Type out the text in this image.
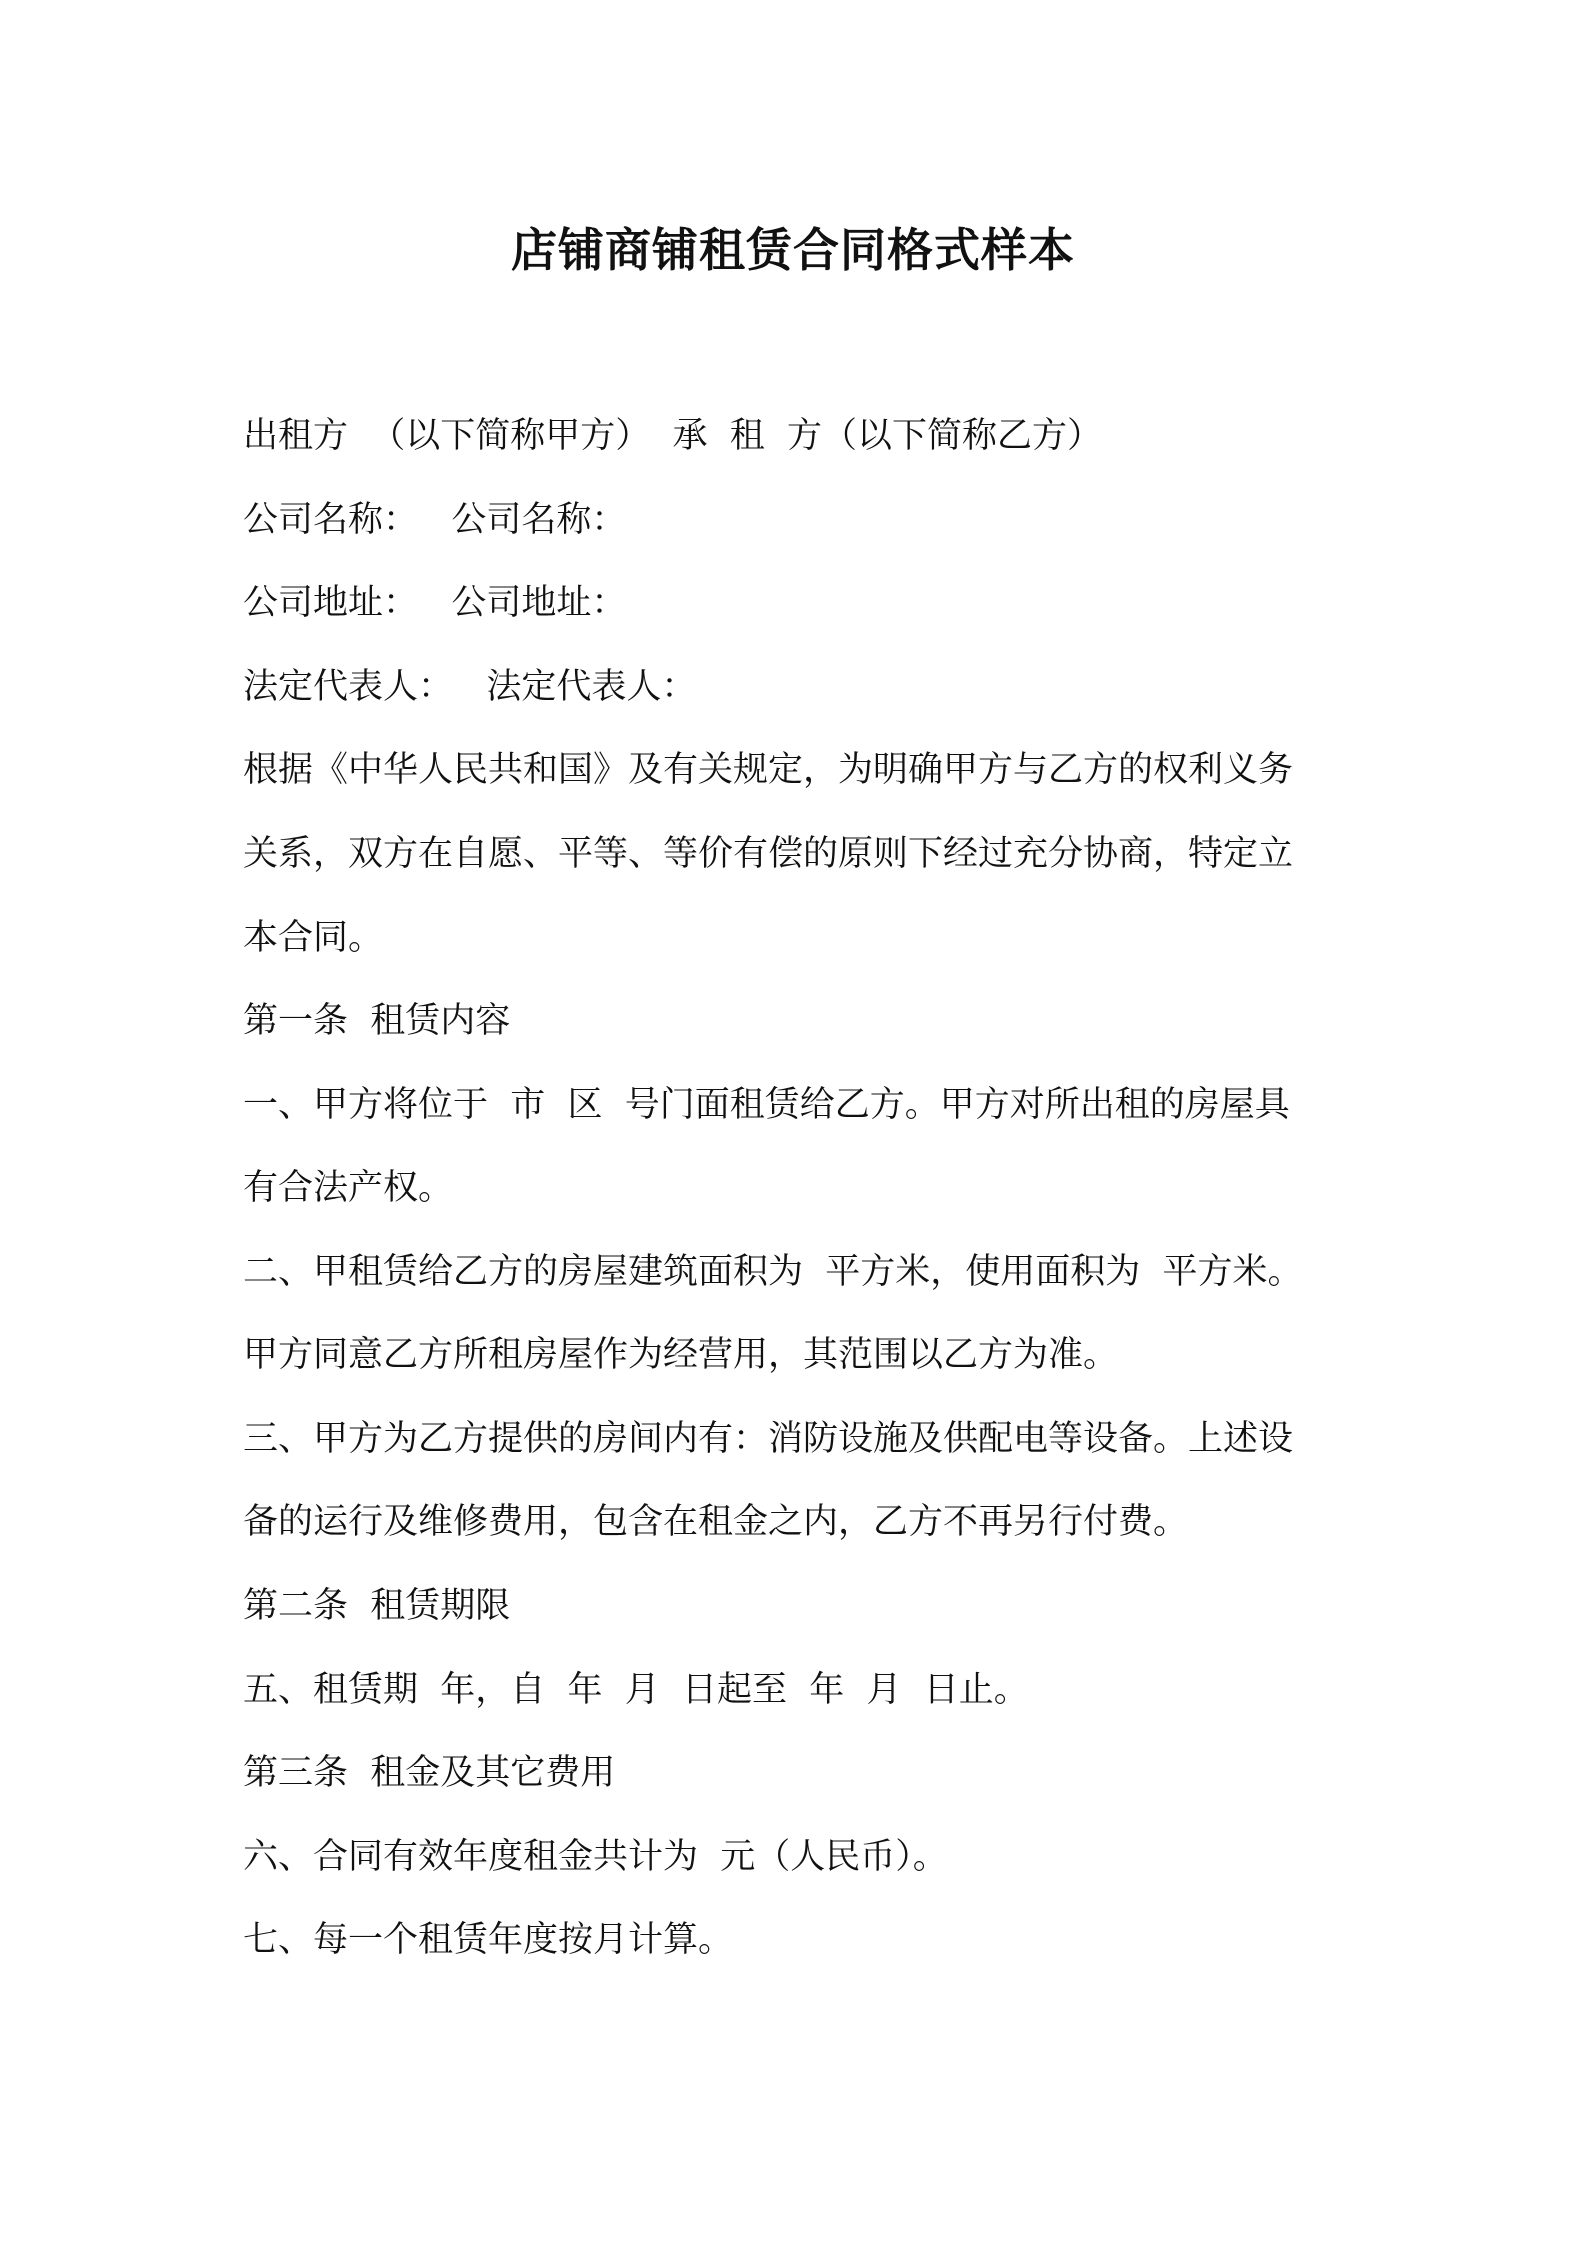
店铺商铺租赁合同格式样本

出租方  （以下简称甲方）  承  租  方（以下简称乙方）

公司名称：   公司名称：

公司地址：   公司地址：

法定代表人：   法定代表人：

根据《中华人民共和国》及有关规定，为明确甲方与乙方的权利义务

关系，双方在自愿、平等、等价有偿的原则下经过充分协商，特定立

本合同。

第一条  租赁内容

一、甲方将位于  市  区  号门面租赁给乙方。甲方对所出租的房屋具

有合法产权。

二、甲租赁给乙方的房屋建筑面积为  平方米，使用面积为  平方米。

甲方同意乙方所租房屋作为经营用，其范围以乙方为准。

三、甲方为乙方提供的房间内有：消防设施及供配电等设备。上述设

备的运行及维修费用，包含在租金之内，乙方不再另行付费。

第二条  租赁期限

五、租赁期  年，自  年  月  日起至  年  月  日止。

第三条  租金及其它费用

六、合同有效年度租金共计为  元（人民币）。

七、每一个租赁年度按月计算。
